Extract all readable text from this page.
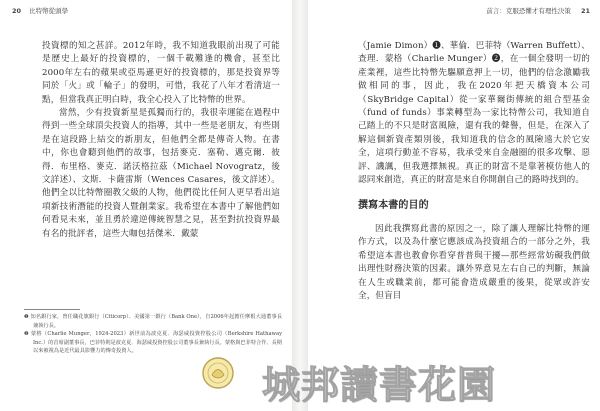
20 比特幣從頭學

投資標的知之甚詳。2012年時，我不知道我眼前出現了可能是歷史上最好的投資標的，一個千載難逢的機會，甚至比2000年左右的蘋果或亞馬遜更好的投資標的，那是投資界等同於「火」或「輪子」的發明，可惜，我花了八年才看清這一點，但當我真正明白時，我全心投入了比特幣的世界。

當然，少有投資新星是孤獨而行的，我很幸運能在過程中得到一些全球頂尖投資人的指導，其中一些是老朋友，有些則是在這段路上結交的新朋友，但他們全都是傳奇人物。在書中，你也會聽到他們的故事，包括麥克．塞勒、邁克爾．彼得．布里格、麥克．諾沃格拉茲（Michael Novogratz，後文詳述）、文斯．卡薩雷斯（Wences Casares，後文詳述）。他們全以比特幣圈教父級的人物，他們從比任何人更早看出這項新技術潛能的投資人暨創業家。我希望在本書中了解他們如何看見未來，並且勇於違逆傳統智慧之見，甚至對抗投資界最有名的批評者，這些大咖包括傑米．戴蒙

❶ 知名銀行家，曾任職花旗銀行（Citicorp）、美國第一銀行（Bank One），自2006年起擔任摩根大通董事長兼執行長。

❷ 蒙格（Charlie Munger，1924-2023）新世前為波克夏．海瑟威投資控股公司（Berkshire Hathaway Inc.）的首席副董事長，巴菲特則是波克夏．海瑟威投資控股公司董事長兼執行長。蒙格與巴菲特合作、長期以來被視為是近代最具影響力的傳奇投資人。

前言：克服恐懼才有理性決策 21

（Jamie Dimon）❶、華倫．巴菲特（Warren Buffett）、查理．蒙格（Charlie Munger）❷，在一個全發明一切的產業裡，這些比特幣先驅願意押上一切，他們的信念激勵我做相同的事，因此，我在2020年把天橋資本公司（SkyBridge Capital）從一家華爾街傳統的組合型基金（fund of funds）事業轉型為一家比特幣公司，我知道自己踏上的不只是財富風險，還有我的聲譽，但是，在深入了解這個新資產類別後，我知道我的信念的風險遠大於它安全，這項行動並不容易，我承受來自金融圈的很多攻擊、惡評、譏諷，但我選擇無視。真正的財富不是靠著模仿他人的認同來創造，真正的財富是來自你開創自己的路時找到的。

撰寫本書的目的

因此我撰寫此書的原因之一，除了讓人理解比特幣的運作方式，以及為什麼它應該成為投資組合的一部分之外，我希望這本書也教會你看穿普普與干擾—那些經常妨礙我們做出理性財務決策的因素。讓外界意見左右自己的判斷，無論在人生或職業前，都可能會造成嚴重的後果，從眾或許安全，但盲目

城邦讀書花園
